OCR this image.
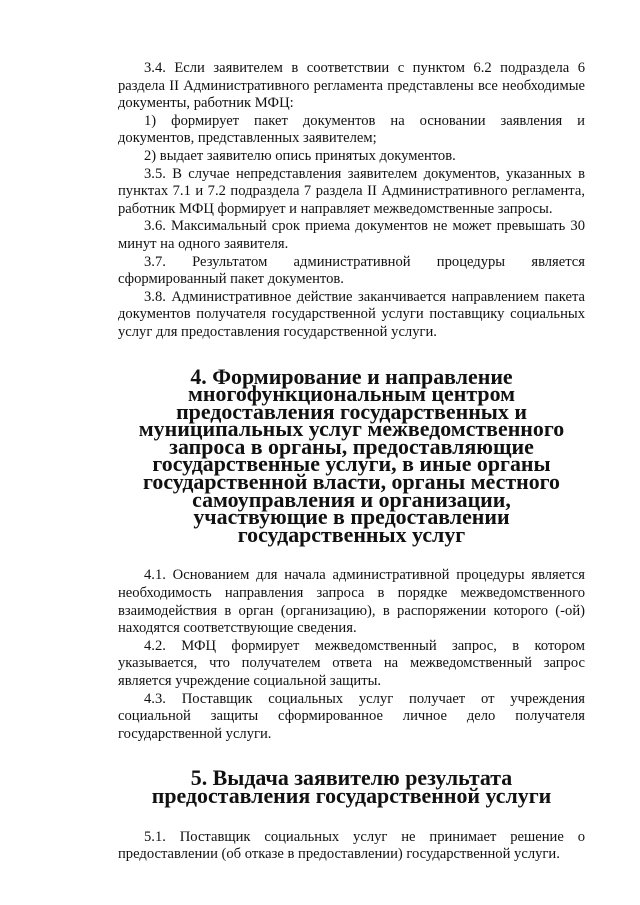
3.4. Если заявителем в соответствии с пунктом 6.2 подраздела 6 раздела II Административного регламента представлены все необходимые документы, работник МФЦ:

1) формирует пакет документов на основании заявления и документов, представленных заявителем;

2) выдает заявителю опись принятых документов.

3.5. В случае непредставления заявителем документов, указанных в пунктах 7.1 и 7.2 подраздела 7 раздела II Административного регламента, работник МФЦ формирует и направляет межведомственные запросы.

3.6. Максимальный срок приема документов не может превышать 30 минут на одного заявителя.

3.7. Результатом административной процедуры является сформированный пакет документов.

3.8. Административное действие заканчивается направлением пакета документов получателя государственной услуги поставщику социальных услуг для предоставления государственной услуги.

4. Формирование и направление многофункциональным центром предоставления государственных и муниципальных услуг межведомственного запроса в органы, предоставляющие государственные услуги, в иные органы государственной власти, органы местного самоуправления и организации, участвующие в предоставлении государственных услуг

4.1. Основанием для начала административной процедуры является необходимость направления запроса в порядке межведомственного взаимодействия в орган (организацию), в распоряжении которого (-ой) находятся соответствующие сведения.

4.2. МФЦ формирует межведомственный запрос, в котором указывается, что получателем ответа на межведомственный запрос является учреждение социальной защиты.

4.3. Поставщик социальных услуг получает от учреждения социальной защиты сформированное личное дело получателя государственной услуги.

5. Выдача заявителю результата предоставления государственной услуги

5.1. Поставщик социальных услуг не принимает решение о предоставлении (об отказе в предоставлении) государственной услуги.
